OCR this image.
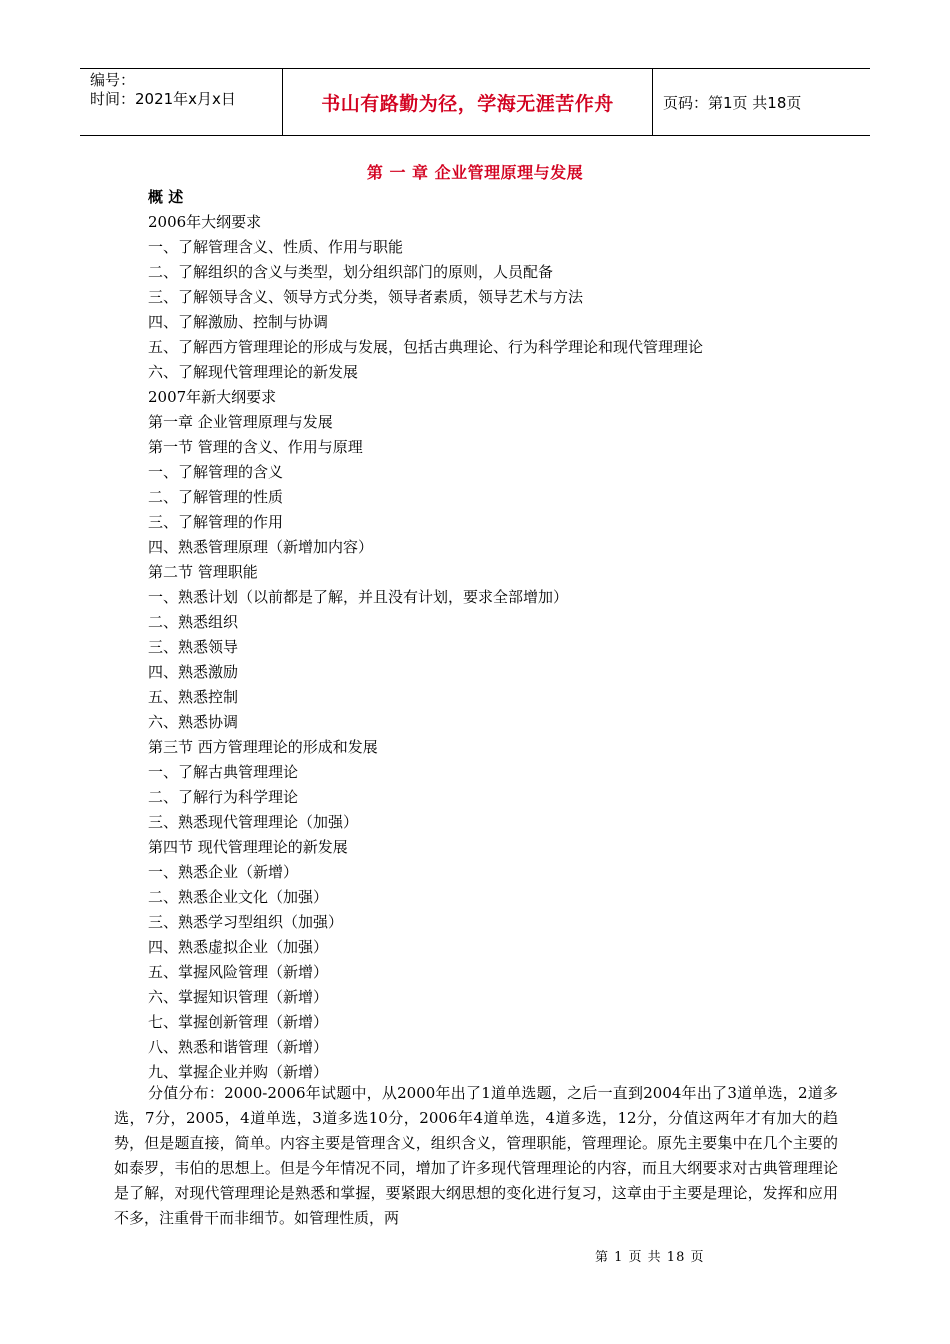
编号：
时间：2021年x月x日	书山有路勤为径，学海无涯苦作舟	页码：第1页 共18页
第 一 章 企业管理原理与发展
概 述
2006年大纲要求
一、了解管理含义、性质、作用与职能
二、了解组织的含义与类型，划分组织部门的原则，人员配备
三、了解领导含义、领导方式分类，领导者素质，领导艺术与方法
四、了解激励、控制与协调
五、了解西方管理理论的形成与发展，包括古典理论、行为科学理论和现代管理理论
六、了解现代管理理论的新发展
2007年新大纲要求
第一章 企业管理原理与发展
第一节 管理的含义、作用与原理
一、了解管理的含义
二、了解管理的性质
三、了解管理的作用
四、熟悉管理原理（新增加内容）
第二节 管理职能
一、熟悉计划（以前都是了解，并且没有计划，要求全部增加）
二、熟悉组织
三、熟悉领导
四、熟悉激励
五、熟悉控制
六、熟悉协调
第三节 西方管理理论的形成和发展
一、了解古典管理理论
二、了解行为科学理论
三、熟悉现代管理理论（加强）
第四节 现代管理理论的新发展
一、熟悉企业（新增）
二、熟悉企业文化（加强）
三、熟悉学习型组织（加强）
四、熟悉虚拟企业（加强）
五、掌握风险管理（新增）
六、掌握知识管理（新增）
七、掌握创新管理（新增）
八、熟悉和谐管理（新增）
九、掌握企业并购（新增）
分值分布：2000-2006年试题中，从2000年出了1道单选题，之后一直到2004年出了3道单选，2道多选，7分，2005，4道单选，3道多选10分，2006年4道单选，4道多选，12分，分值这两年才有加大的趋势，但是题直接，简单。内容主要是管理含义，组织含义，管理职能，管理理论。原先主要集中在几个主要的如泰罗，韦伯的思想上。但是今年情况不同，增加了许多现代管理理论的内容，而且大纲要求对古典管理理论是了解，对现代管理理论是熟悉和掌握，要紧跟大纲思想的变化进行复习，这章由于主要是理论，发挥和应用不多，注重骨干而非细节。如管理性质，两
第 1 页 共 18 页
